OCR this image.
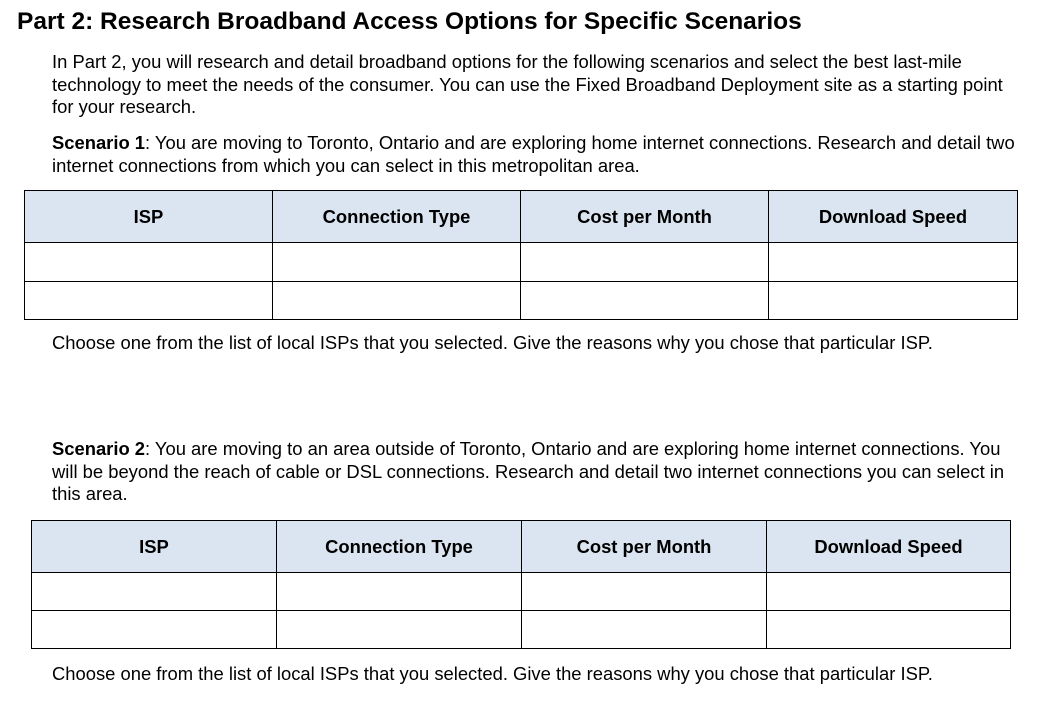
Part 2: Research Broadband Access Options for Specific Scenarios

In Part 2, you will research and detail broadband options for the following scenarios and select the best last-mile technology to meet the needs of the consumer. You can use the Fixed Broadband Deployment site as a starting point for your research.

Scenario 1: You are moving to Toronto, Ontario and are exploring home internet connections. Research and detail two internet connections from which you can select in this metropolitan area.

ISP	Connection Type	Cost per Month	Download Speed

Choose one from the list of local ISPs that you selected. Give the reasons why you chose that particular ISP.

Scenario 2: You are moving to an area outside of Toronto, Ontario and are exploring home internet connections. You will be beyond the reach of cable or DSL connections. Research and detail two internet connections you can select in this area.

ISP	Connection Type	Cost per Month	Download Speed

Choose one from the list of local ISPs that you selected. Give the reasons why you chose that particular ISP.
